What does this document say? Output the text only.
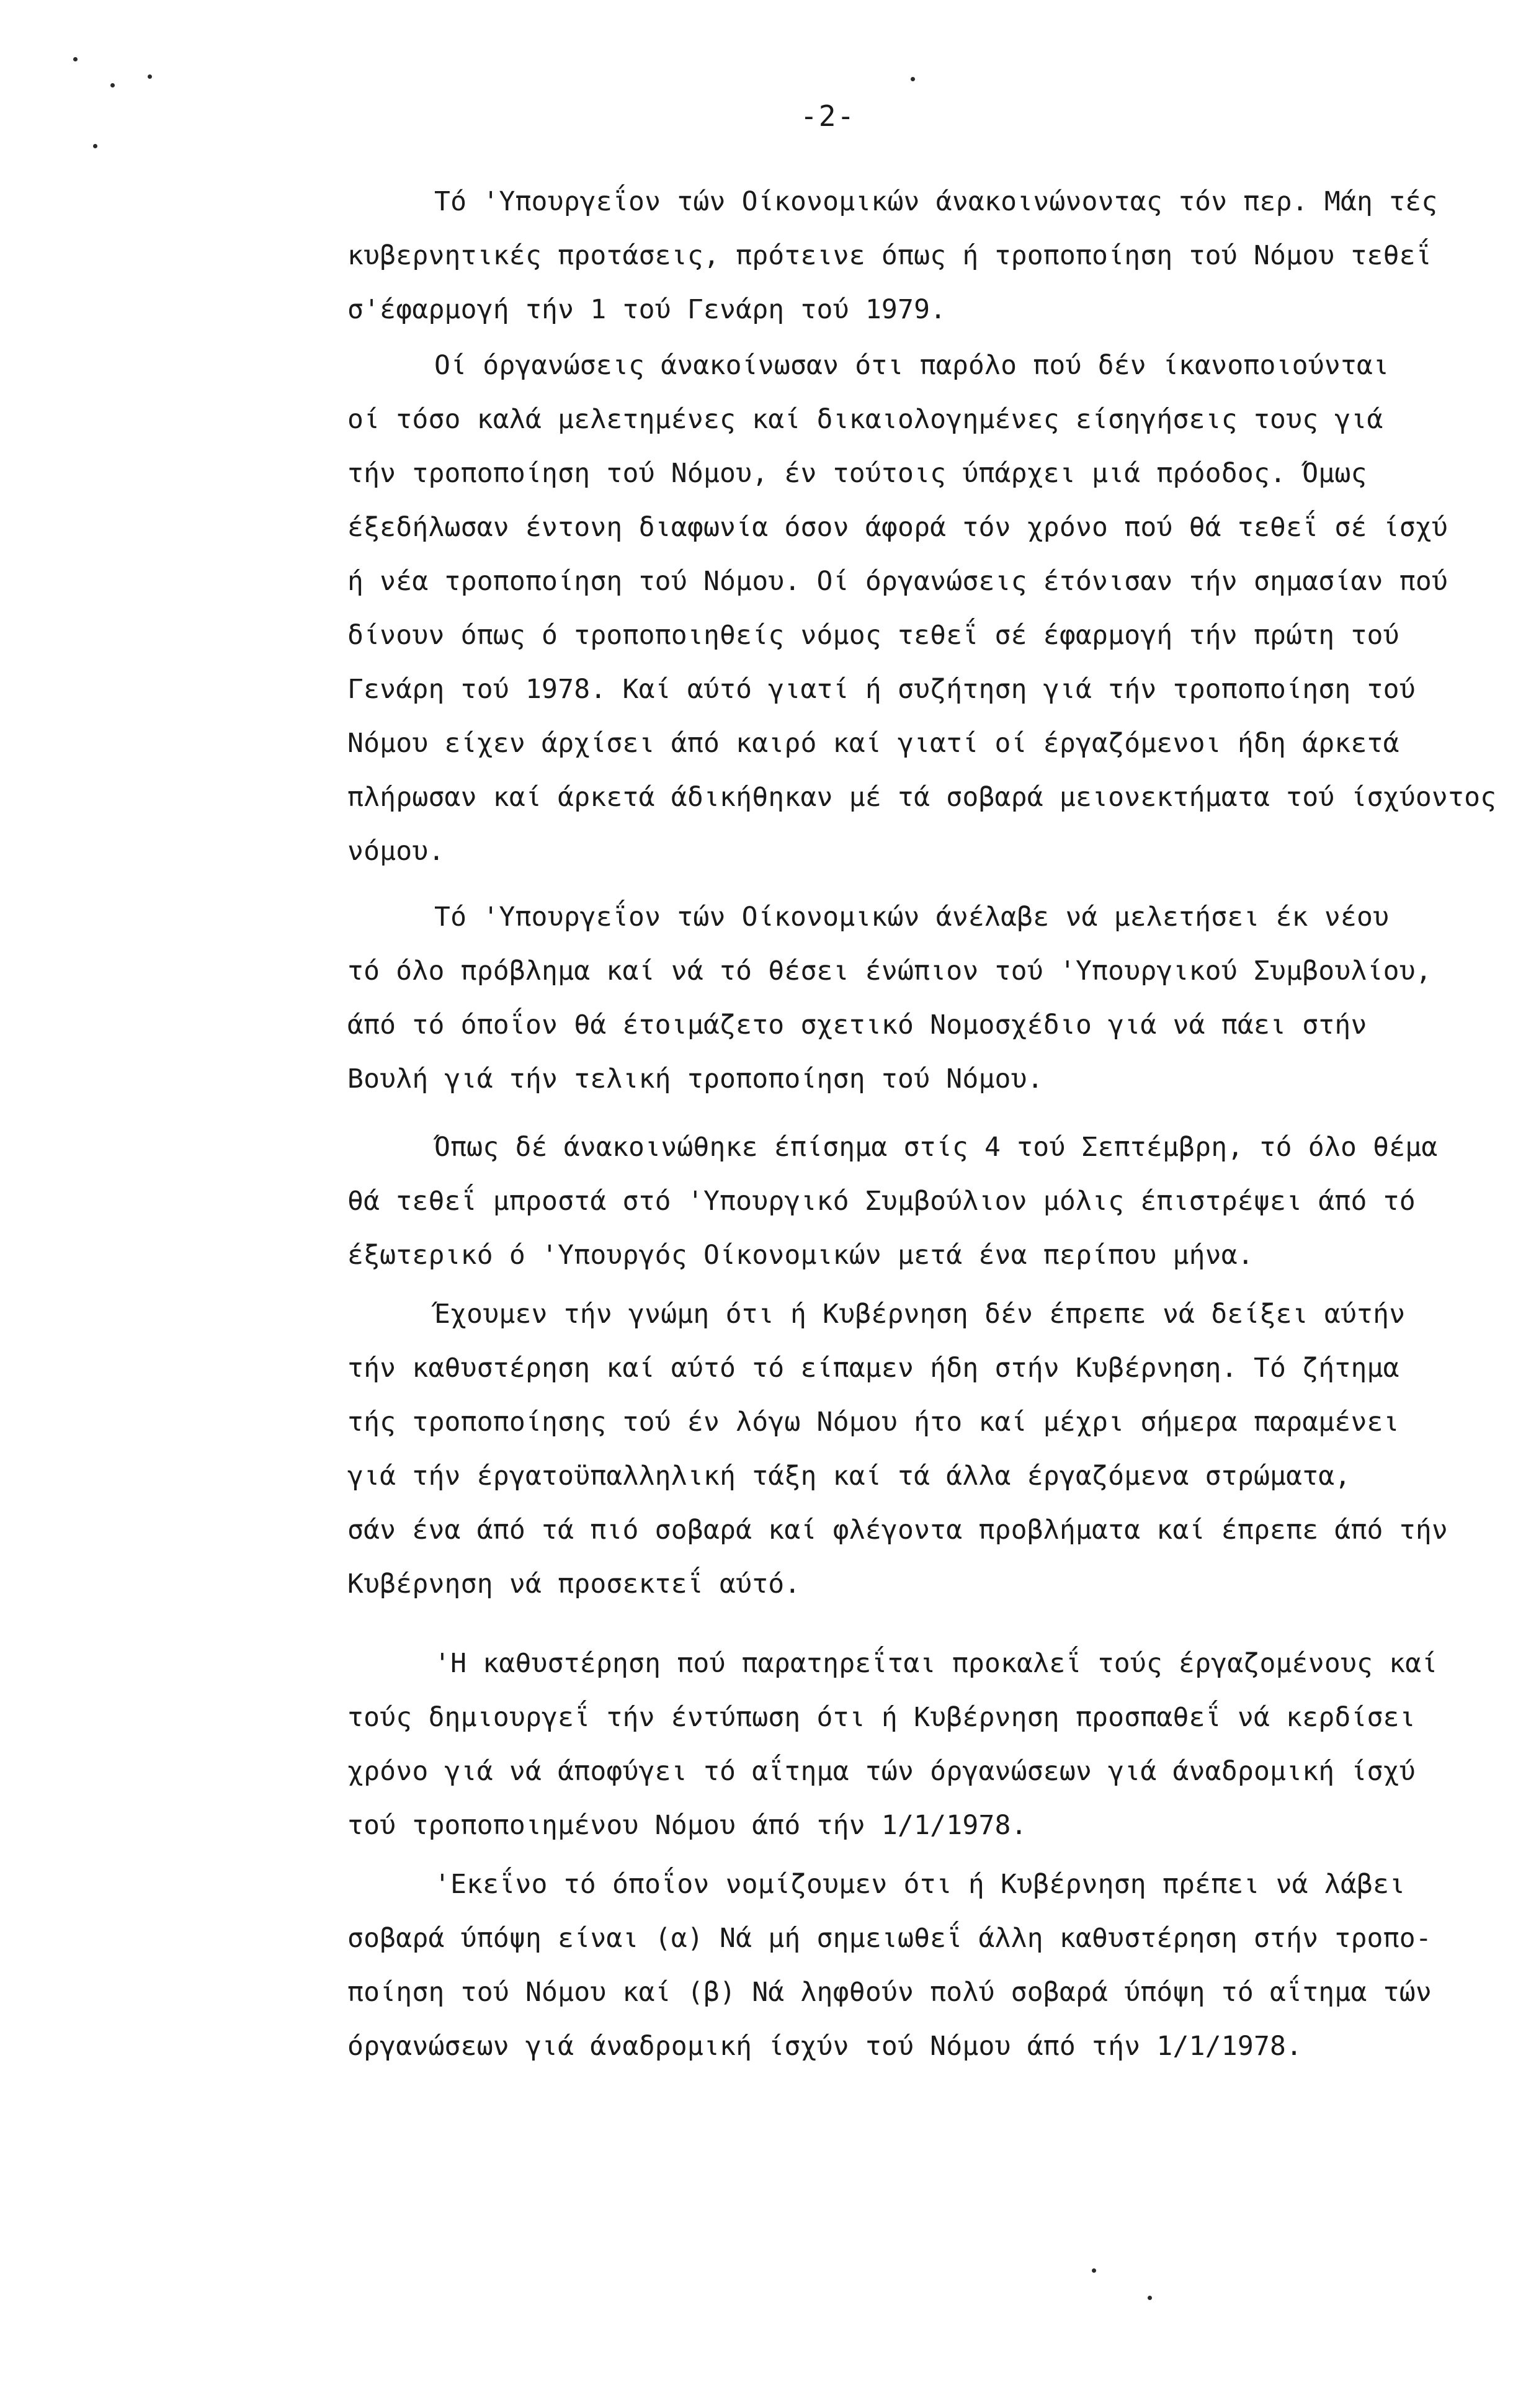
-2-
Τό 'Υπουργεΐον τών Οίκονομικών άνακοινώνοντας τόν περ. Μάη τές
κυβερνητικές προτάσεις, πρότεινε όπως ή τροποποίηση τού Νόμου τεθεΐ
σ'έφαρμογή τήν 1 τού Γενάρη τού 1979.
Οί όργανώσεις άνακοίνωσαν ότι παρόλο πού δέν ίκανοποιούνται
οί τόσο καλά μελετημένες καί δικαιολογημένες είσηγήσεις τους γιά
τήν τροποποίηση τού Νόμου, έν τούτοις ύπάρχει μιά πρόοδος. Όμως
έξεδήλωσαν έντονη διαφωνία όσον άφορά τόν χρόνο πού θά τεθεΐ σέ ίσχύ
ή νέα τροποποίηση τού Νόμου. Οί όργανώσεις έτόνισαν τήν σημασίαν πού
δίνουν όπως ό τροποποιηθείς νόμος τεθεΐ σέ έφαρμογή τήν πρώτη τού
Γενάρη τού 1978. Καί αύτό γιατί ή συζήτηση γιά τήν τροποποίηση τού
Νόμου είχεν άρχίσει άπό καιρό καί γιατί οί έργαζόμενοι ήδη άρκετά
πλήρωσαν καί άρκετά άδικήθηκαν μέ τά σοβαρά μειονεκτήματα τού ίσχύοντος
νόμου.
Τό 'Υπουργεΐον τών Οίκονομικών άνέλαβε νά μελετήσει έκ νέου
τό όλο πρόβλημα καί νά τό θέσει ένώπιον τού 'Υπουργικού Συμβουλίου,
άπό τό όποΐον θά έτοιμάζετο σχετικό Νομοσχέδιο γιά νά πάει στήν
Βουλή γιά τήν τελική τροποποίηση τού Νόμου.
Όπως δέ άνακοινώθηκε έπίσημα στίς 4 τού Σεπτέμβρη, τό όλο θέμα
θά τεθεΐ μπροστά στό 'Υπουργικό Συμβούλιον μόλις έπιστρέψει άπό τό
έξωτερικό ό 'Υπουργός Οίκονομικών μετά ένα περίπου μήνα.
Έχουμεν τήν γνώμη ότι ή Κυβέρνηση δέν έπρεπε νά δείξει αύτήν
τήν καθυστέρηση καί αύτό τό είπαμεν ήδη στήν Κυβέρνηση. Τό ζήτημα
τής τροποποίησης τού έν λόγω Νόμου ήτο καί μέχρι σήμερα παραμένει
γιά τήν έργατοϋπαλληλική τάξη καί τά άλλα έργαζόμενα στρώματα,
σάν ένα άπό τά πιό σοβαρά καί φλέγοντα προβλήματα καί έπρεπε άπό τήν
Κυβέρνηση νά προσεκτεΐ αύτό.
'Η καθυστέρηση πού παρατηρεΐται προκαλεΐ τούς έργαζομένους καί
τούς δημιουργεΐ τήν έντύπωση ότι ή Κυβέρνηση προσπαθεΐ νά κερδίσει
χρόνο γιά νά άποφύγει τό αΐτημα τών όργανώσεων γιά άναδρομική ίσχύ
τού τροποποιημένου Νόμου άπό τήν 1/1/1978.
'Εκεΐνο τό όποΐον νομίζουμεν ότι ή Κυβέρνηση πρέπει νά λάβει
σοβαρά ύπόψη είναι (α) Νά μή σημειωθεΐ άλλη καθυστέρηση στήν τροπο-
ποίηση τού Νόμου καί (β) Νά ληφθούν πολύ σοβαρά ύπόψη τό αΐτημα τών
όργανώσεων γιά άναδρομική ίσχύν τού Νόμου άπό τήν 1/1/1978.
